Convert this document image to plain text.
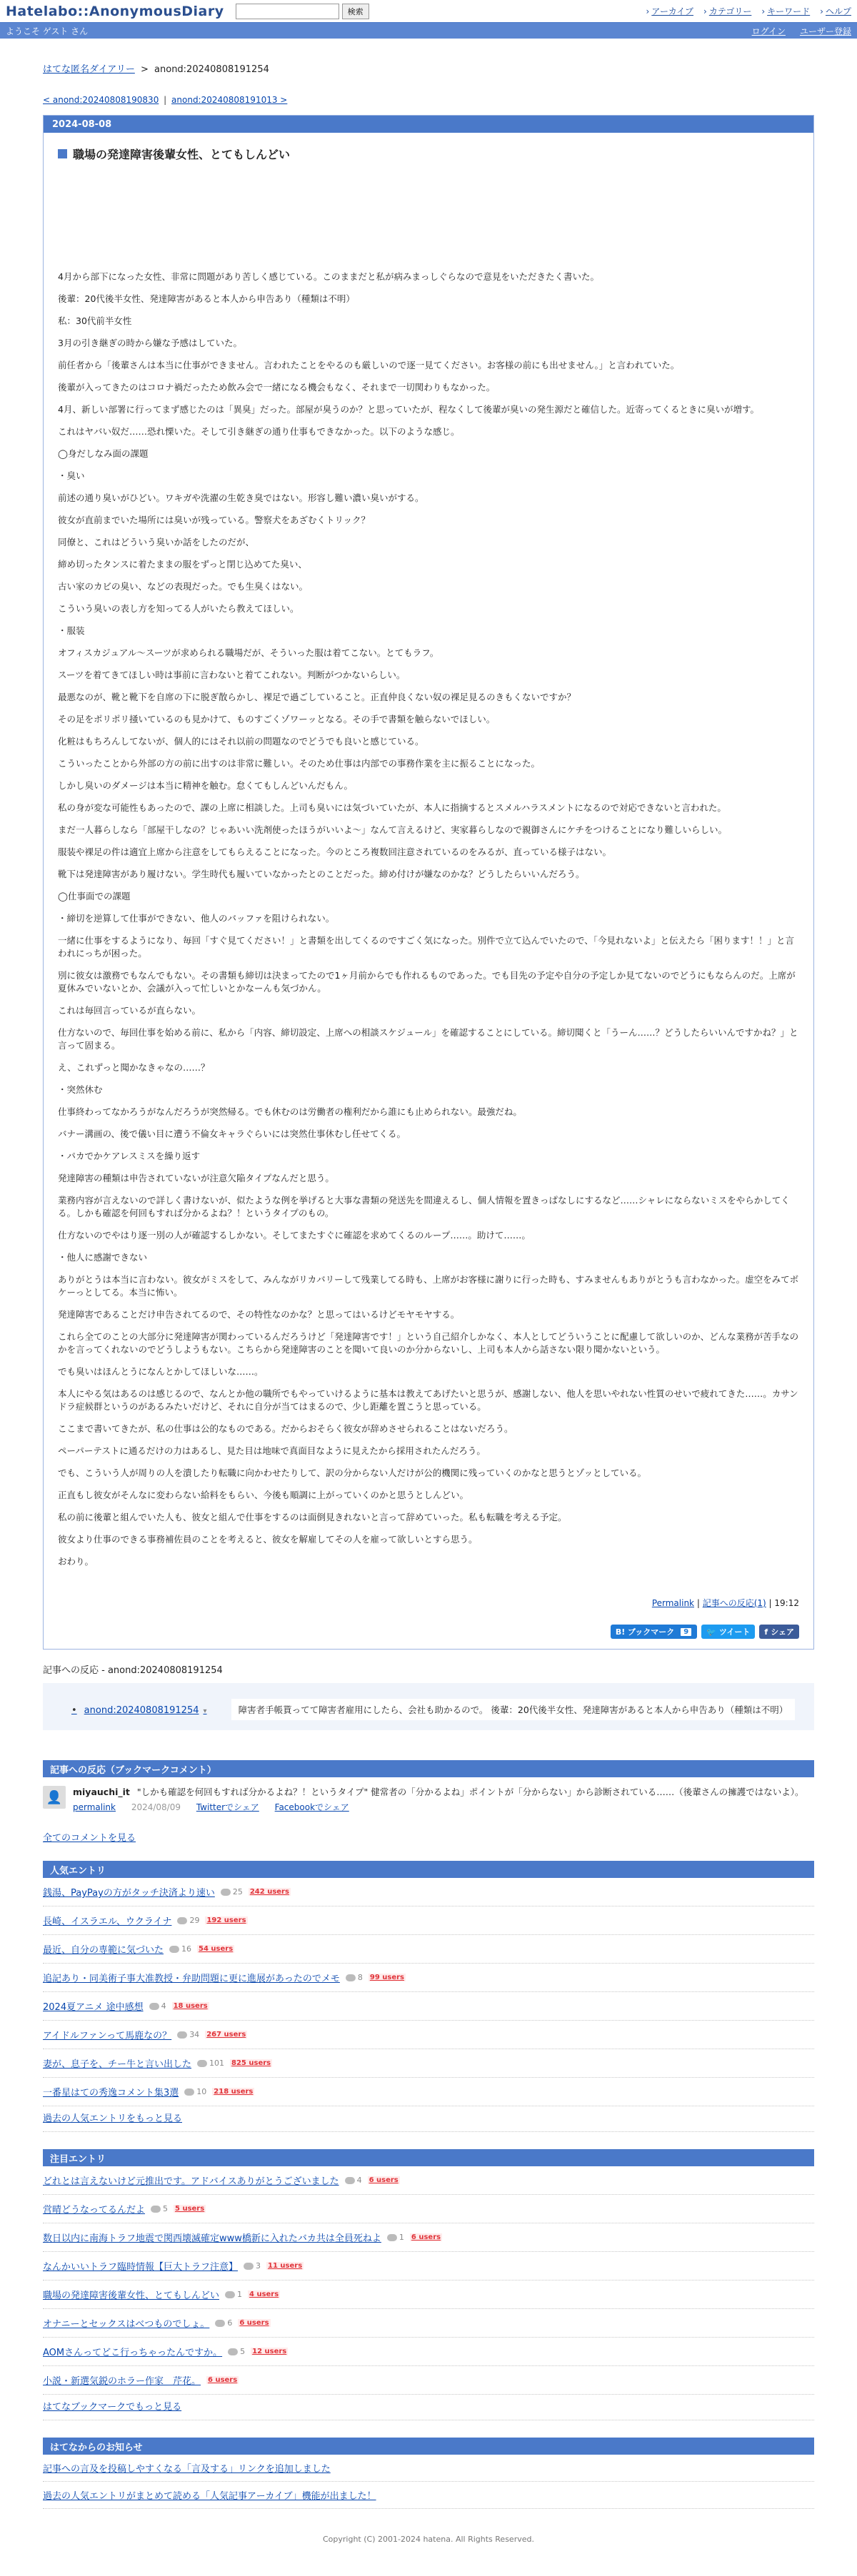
Hatelabo::AnonymousDiary	検索	› アーカイブ	› カテゴリー	› キーワード	› ヘルプ
ようこそ ゲスト さん	ログイン ユーザー登録
はてな匿名ダイアリー > anond:20240808191254
< anond:20240808190830 | anond:20240808191013 >
2024-08-08
職場の発達障害後輩女性、とてもしんどい

4月から部下になった女性、非常に問題があり苦しく感じている。このままだと私が病みまっしぐらなので意見をいただきたく書いた。

後輩：20代後半女性、発達障害があると本人から申告あり（種類は不明）

私：30代前半女性

3月の引き継ぎの時から嫌な予感はしていた。

前任者から「後輩さんは本当に仕事ができません。言われたことをやるのも厳しいので逐一見てください。お客様の前にも出せません。」と言われていた。

後輩が入ってきたのはコロナ禍だったため飲み会で一緒になる機会もなく、それまで一切関わりもなかった。

4月、新しい部署に行ってまず感じたのは「異臭」だった。部屋が臭うのか？と思っていたが、程なくして後輩が臭いの発生源だと確信した。近寄ってくるときに臭いが増す。

これはヤバい奴だ……恐れ慄いた。そして引き継ぎの通り仕事もできなかった。以下のような感じ。

◯身だしなみ面の課題

・臭い

前述の通り臭いがひどい。ワキガや洗濯の生乾き臭ではない。形容し難い濃い臭いがする。

彼女が直前までいた場所には臭いが残っている。警察犬をあざむくトリック？

同僚と、これはどういう臭いか話をしたのだが、

締め切ったタンスに着たままの服をずっと閉じ込めてた臭い、

古い家のカビの臭い、などの表現だった。でも生臭くはない。

こういう臭いの表し方を知ってる人がいたら教えてほしい。

・服装

オフィスカジュアル〜スーツが求められる職場だが、そういった服は着てこない。とてもラフ。

スーツを着てきてほしい時は事前に言わないと着てこれない。判断がつかないらしい。

最悪なのが、靴と靴下を自席の下に脱ぎ散らかし、裸足で過ごしていること。正直仲良くない奴の裸足見るのきもくないですか？

その足をポリポリ掻いているのも見かけて、ものすごくゾワーッとなる。その手で書類を触らないでほしい。

化粧はもちろんしてないが、個人的にはそれ以前の問題なのでどうでも良いと感じている。

こういったことから外部の方の前に出すのは非常に難しい。そのため仕事は内部での事務作業を主に振ることになった。

しかし臭いのダメージは本当に精神を触む。怠くてもしんどいんだもん。

私の身が変な可能性もあったので、課の上席に相談した。上司も臭いには気づいていたが、本人に指摘するとスメルハラスメントになるので対応できないと言われた。

まだ一人暮らしなら「部屋干しなの？じゃあいい洗剤使ったほうがいいよ〜」なんて言えるけど、実家暮らしなので親御さんにケチをつけることになり難しいらしい。

服装や裸足の件は適宜上席から注意をしてもらえることになった。今のところ複数回注意されているのをみるが、直っている様子はない。

靴下は発達障害があり履けない。学生時代も履いていなかったとのことだった。締め付けが嫌なのかな？どうしたらいいんだろう。

◯仕事面での課題

・締切を逆算して仕事ができない、他人のバッファを阻けられない。

一緒に仕事をするようになり、毎回「すぐ見てください！」と書類を出してくるのですごく気になった。別件で立て込んでいたので、「今見れないよ」と伝えたら「困ります！！」と言われにっちが困った。

別に彼女は激務でもなんでもない。その書類も締切は決まってたので1ヶ月前からでも作れるものであった。でも目先の予定や自分の予定しか見てないのでどうにもならんのだ。上席が夏休みでいないとか、会議が入って忙しいとかなーんも気づかん。

これは毎回言っているが直らない。

仕方ないので、毎回仕事を始める前に、私から「内容、締切設定、上席への相談スケジュール」を確認することにしている。締切聞くと「うーん……？どうしたらいいんですかね？」と言って固まる。

え、これずっと聞かなきゃなの……？

・突然休む

仕事終わってなかろうがなんだろうが突然帰る。でも休むのは労働者の権利だから誰にも止められない。最強だね。

バナー溝画の、後で儀い目に遭う不倫女キャラぐらいには突然仕事休むし任せてくる。

・パカでかケアレスミスを繰り返す

発達障害の種類は申告されていないが注意欠陥タイプなんだと思う。

業務内容が言えないので詳しく書けないが、似たような例を挙げると大事な書類の発送先を間違えるし、個人情報を置きっぱなしにするなど……シャレにならないミスをやらかしてくる。しかも確認を何回もすれば分かるよね？！というタイプのもの。

仕方ないのでやはり逐一別の人が確認するしかない。そしてまたすぐに確認を求めてくるのループ……。助けて……。

・他人に感謝できない

ありがとうは本当に言わない。彼女がミスをして、みんながリカバリーして残業してる時も、上席がお客様に謝りに行った時も、すみませんもありがとうも言わなかった。虚空をみてボケーっとしてる。本当に怖い。

発達障害であることだけ申告されてるので、その特性なのかな？と思ってはいるけどモヤモヤする。

これら全てのことの大部分に発達障害が関わっているんだろうけど「発達障害です！」という自己紹介しかなく、本人としてどういうことに配慮して欲しいのか、どんな業務が苦手なのかを言ってくれないのでどうしようもない。こちらから発達障害のことを聞いて良いのか分からないし、上司も本人から話さない限り聞かないという。

でも臭いはほんとうになんとかしてほしいな……。

本人にやる気はあるのは感じるので、なんとか他の職所でもやっていけるように基本は教えてあげたいと思うが、感謝しない、他人を思いやれない性質のせいで疲れてきた……。カサンドラ症候群というのがあるみたいだけど、それに自分が当てはまるので、少し距離を置こうと思っている。

ここまで書いてきたが、私の仕事は公的なものである。だからおそらく彼女が辞めさせられることはないだろう。

ペーパーテストに通るだけの力はあるし、見た目は地味で真面目なように見えたから採用されたんだろう。

でも、こういう人が周りの人を潰したり転職に向かわせたりして、訳の分からない人だけが公的機関に残っていくのかなと思うとゾッとしている。

正直もし彼女がそんなに変わらない給料をもらい、今後も順調に上がっていくのかと思うとしんどい。

私の前に後輩と組んでいた人も、彼女と組んで仕事をするのは面倒見きれないと言って辞めていった。私も転職を考える予定。

彼女より仕事のできる事務補佐員のことを考えると、彼女を解雇してその人を雇って欲しいとすら思う。

おわり。

Permalink | 記事への反応(1) | 19:12
B! ブックマーク	9	🐦 ツイート f シェア
記事への反応 - anond:20240808191254
• anond:20240808191254 ▾	障害者手帳貰ってて障害者雇用にしたら、会社も助かるので。 後輩：20代後半女性、発達障害があると本人から申告あり（種類は不明）
記事への反応（ブックマークコメント）
👤	miyauchi_it "しかも確認を何回もすれば分かるよね？！というタイプ" 健常者の「分かるよね」ポイントが「分からない」から診断されている……（後輩さんの擁護ではないよ）。
permalink 2024/08/09 Twitterでシェア Facebookでシェア
全てのコメントを見る
人気エントリ
銭湯、PayPayの方がタッチ決済より速い 25 242 users
長崎、イスラエル、ウクライナ 29 192 users
最近、自分の専範に気づいた 16 54 users
追記あり・同美術子事大准教授・弁助問題に更に進展があったのでメモ 8 99 users
2024夏アニメ 途中感想 4 18 users
アイドルファンって馬鹿なの？ 34 267 users
妻が、息子を、チー牛と言い出した 101 825 users
一番星はての秀逸コメント集3選 10 218 users
過去の人気エントリをもっと見る
注目エントリ
どれとは言えないけど元推出です。アドバイスありがとうございました 4 6 users
営晴どうなってるんだよ 5 5 users
数日以内に南海トラフ地震で関西壊滅確定www橋新に入れたバカ共は全員死ねよ 1 6 users
なんかいいトラフ臨時情報【巨大トラフ注意】 3 11 users
職場の発達障害後輩女性、とてもしんどい 1 4 users
オナニーとセックスはべつものでしょ。 6 6 users
AOMさんってどこ行っちゃったんですか。 5 12 users
小説・新選気鋭のホラー作家　芹花。 6 users
はてなブックマークでもっと見る
はてなからのお知らせ
記事への言及を投稿しやすくなる「言及する」リンクを追加しました
過去の人気エントリがまとめて読める「人気記事アーカイブ」機能が出ました！
Copyright (C) 2001-2024 hatena. All Rights Reserved.
